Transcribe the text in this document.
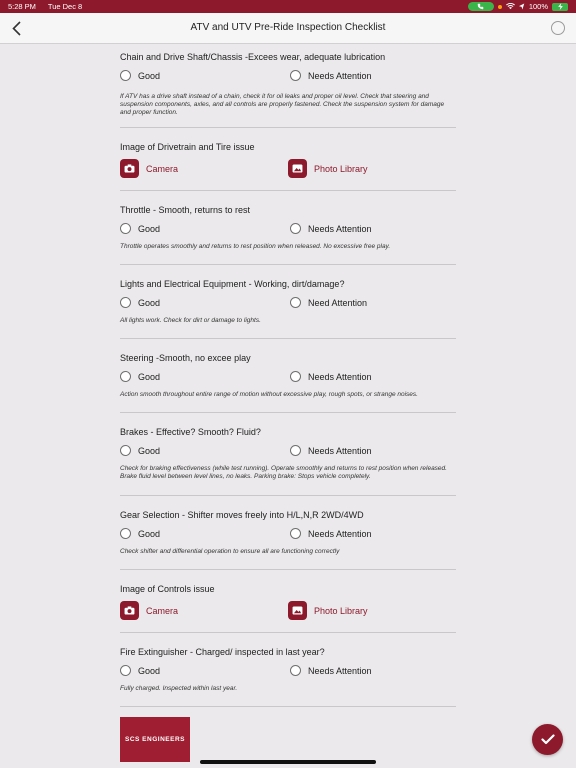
5:28 PM Tue Dec 8	100%
ATV and UTV Pre-Ride Inspection Checklist
Chain and Drive Shaft/Chassis -Excees wear, adequate lubrication
Good	Needs Attention
If ATV has a drive shaft instead of a chain, check it for oil leaks and proper oil level. Check that steering and suspension components, axles, and all controls are properly fastened. Check the suspension system for damage and proper function.
Image of Drivetrain and Tire issue
Camera	Photo Library
Throttle - Smooth, returns to rest
Good	Needs Attention
Throttle operates smoothly and returns to rest position when released. No excessive free play.
Lights and Electrical Equipment - Working, dirt/damage?
Good	Need Attention
All lights work. Check for dirt or damage to lights.
Steering -Smooth, no excee play
Good	Needs Attention
Action smooth throughout entire range of motion without excessive play, rough spots, or strange noises.
Brakes - Effective? Smooth? Fluid?
Good	Needs Attention
Check for braking effectiveness (while test running). Operate smoothly and returns to rest position when released. Brake fluid level between level lines, no leaks. Parking brake: Stops vehicle completely.
Gear Selection - Shifter moves freely into H/L,N,R 2WD/4WD
Good	Needs Attention
Check shifter and differential operation to ensure all are functioning correctly
Image of Controls issue
Camera	Photo Library
Fire Extinguisher - Charged/ inspected in last year?
Good	Needs Attention
Fully charged. Inspected within last year.
SCS ENGINEERS
